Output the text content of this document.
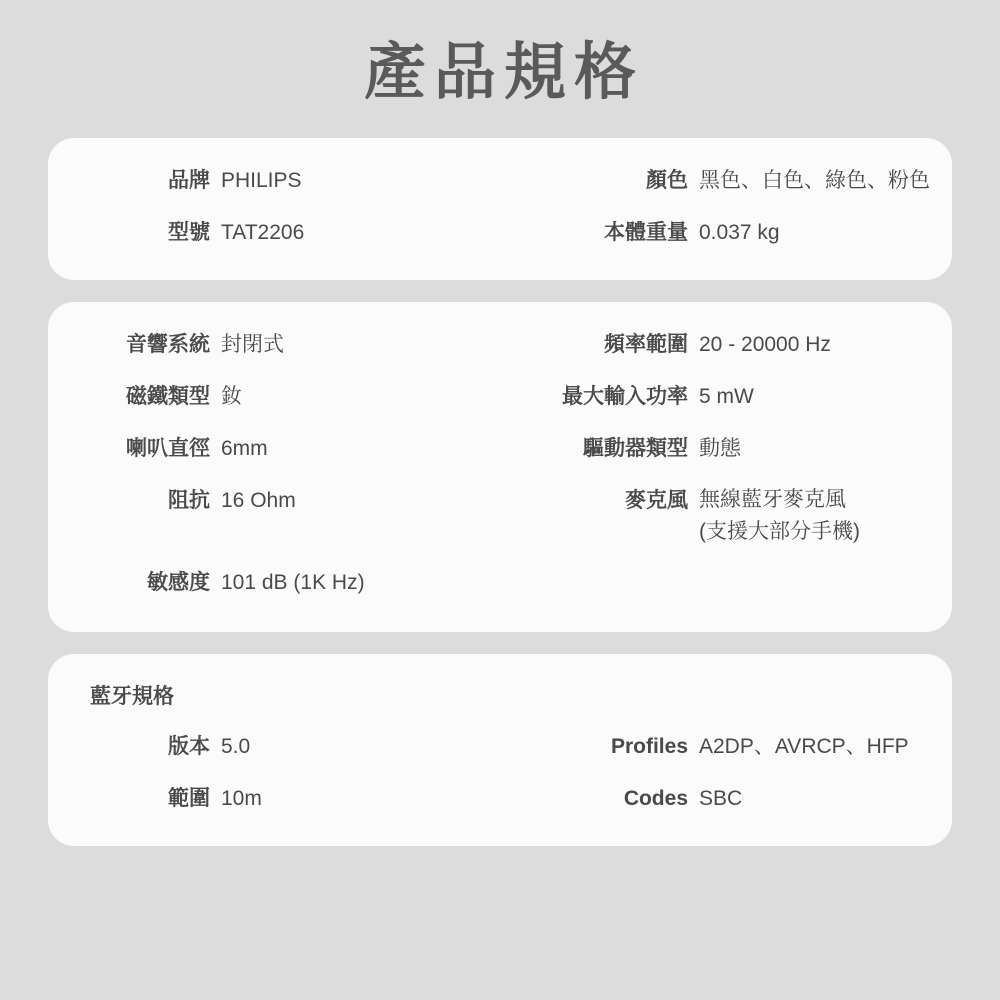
產品規格
品牌 PHILIPS	顏色 黑色、白色、綠色、粉色
型號 TAT2206	本體重量 0.037 kg
音響系統 封閉式	頻率範圍 20 - 20000 Hz
磁鐵類型 釹	最大輸入功率 5 mW
喇叭直徑 6mm	驅動器類型 動態
阻抗 16 Ohm	麥克風 無線藍牙麥克風
(支援大部分手機)
敏感度 101 dB (1K Hz)
藍牙規格
版本 5.0	Profiles A2DP、AVRCP、HFP
範圍 10m	Codes SBC
